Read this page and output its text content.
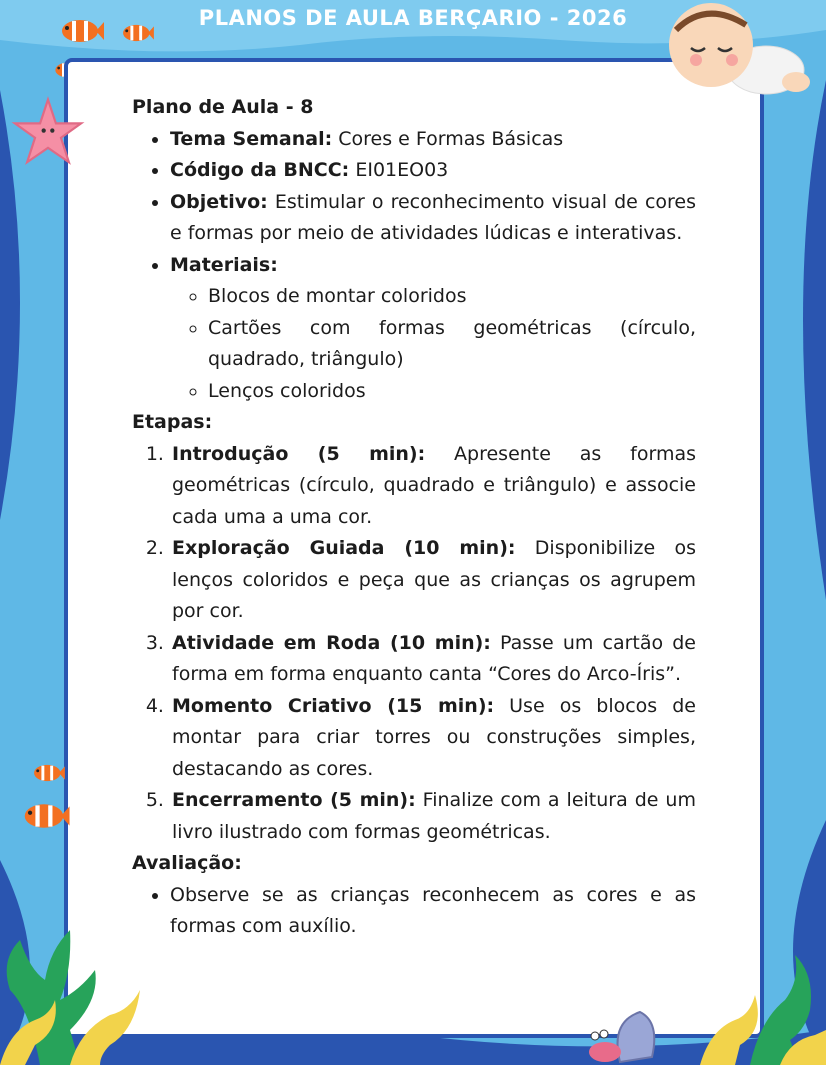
PLANOS DE AULA BERÇARIO - 2026

Plano de Aula - 8

• Tema Semanal: Cores e Formas Básicas
• Código da BNCC: EI01EO03
• Objetivo: Estimular o reconhecimento visual de cores e formas por meio de atividades lúdicas e interativas.
• Materiais:
◦ Blocos de montar coloridos
◦ Cartões com formas geométricas (círculo, quadrado, triângulo)
◦ Lenços coloridos

Etapas:

1. Introdução (5 min): Apresente as formas geométricas (círculo, quadrado e triângulo) e associe cada uma a uma cor.
2. Exploração Guiada (10 min): Disponibilize os lenços coloridos e peça que as crianças os agrupem por cor.
3. Atividade em Roda (10 min): Passe um cartão de forma em forma enquanto canta “Cores do Arco-Íris”.
4. Momento Criativo (15 min): Use os blocos de montar para criar torres ou construções simples, destacando as cores.
5. Encerramento (5 min): Finalize com a leitura de um livro ilustrado com formas geométricas.

Avaliação:

• Observe se as crianças reconhecem as cores e as formas com auxílio.
